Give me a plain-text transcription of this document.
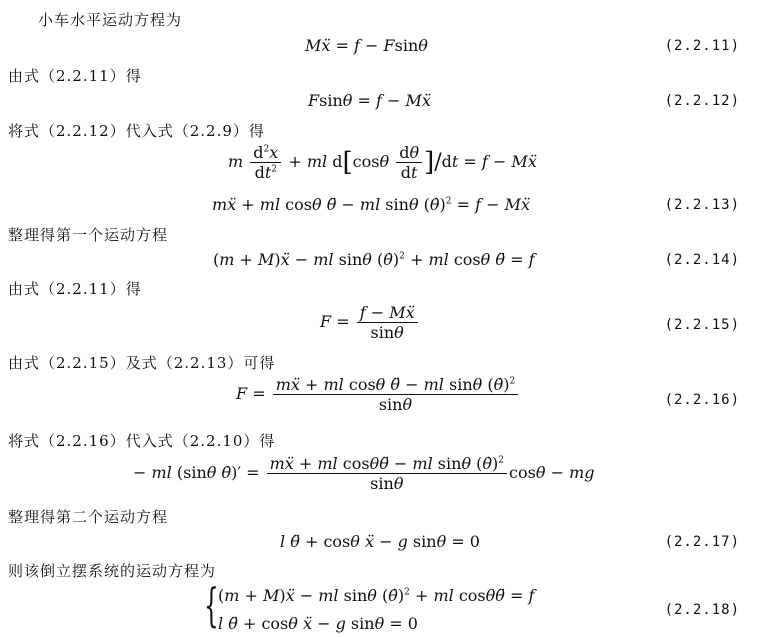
小车水平运动方程为
Mẍ = f − Fsinθ	(2.2.11)
由式（2.2.11）得
Fsinθ = f − Mẍ	(2.2.12)
将式（2.2.12）代入式（2.2.9）得
m $\frac{d^2x}{dt^2}$ + ml $d[\cos\theta \frac{d\theta}{dt} ]/dt = f$ − Mẍ
mẍ + ml cosθ θ̈ − ml sinθ (θ̇)$^2$ = f − Mẍ	(2.2.13)
整理得第一个运动方程
(m + M)ẍ − ml sinθ (θ̇)$^2$ + ml cosθ θ̈ = f	(2.2.14)
由式（2.2.11）得
$F = \frac{\text{f − Mẍ}}{\sin\theta}$	(2.2.15)
由式（2.2.15）及式（2.2.13）可得
$F = \frac{mẍ + ml \cos\theta \thetä - ml \sin\theta (\thetȧ)^2}{\sin\theta}$	(2.2.16)
将式（2.2.16）代入式（2.2.10）得
− ml (sinθ θ̇)′ = $\frac{mẍ + ml \cos\theta\thetä - ml \sin\theta (\thetȧ)^2}{\sin\theta}$ cosθ − mg
整理得第二个运动方程
l θ̈ + cosθ ẍ − g sinθ = 0	(2.2.17)
则该倒立摆系统的运动方程为
{ (m + M)ẍ − ml sinθ (θ̇)$^2$ + ml cosθθ̈ = f
l θ̈ + cosθ ẍ − g sinθ = 0
(2.2.18)
